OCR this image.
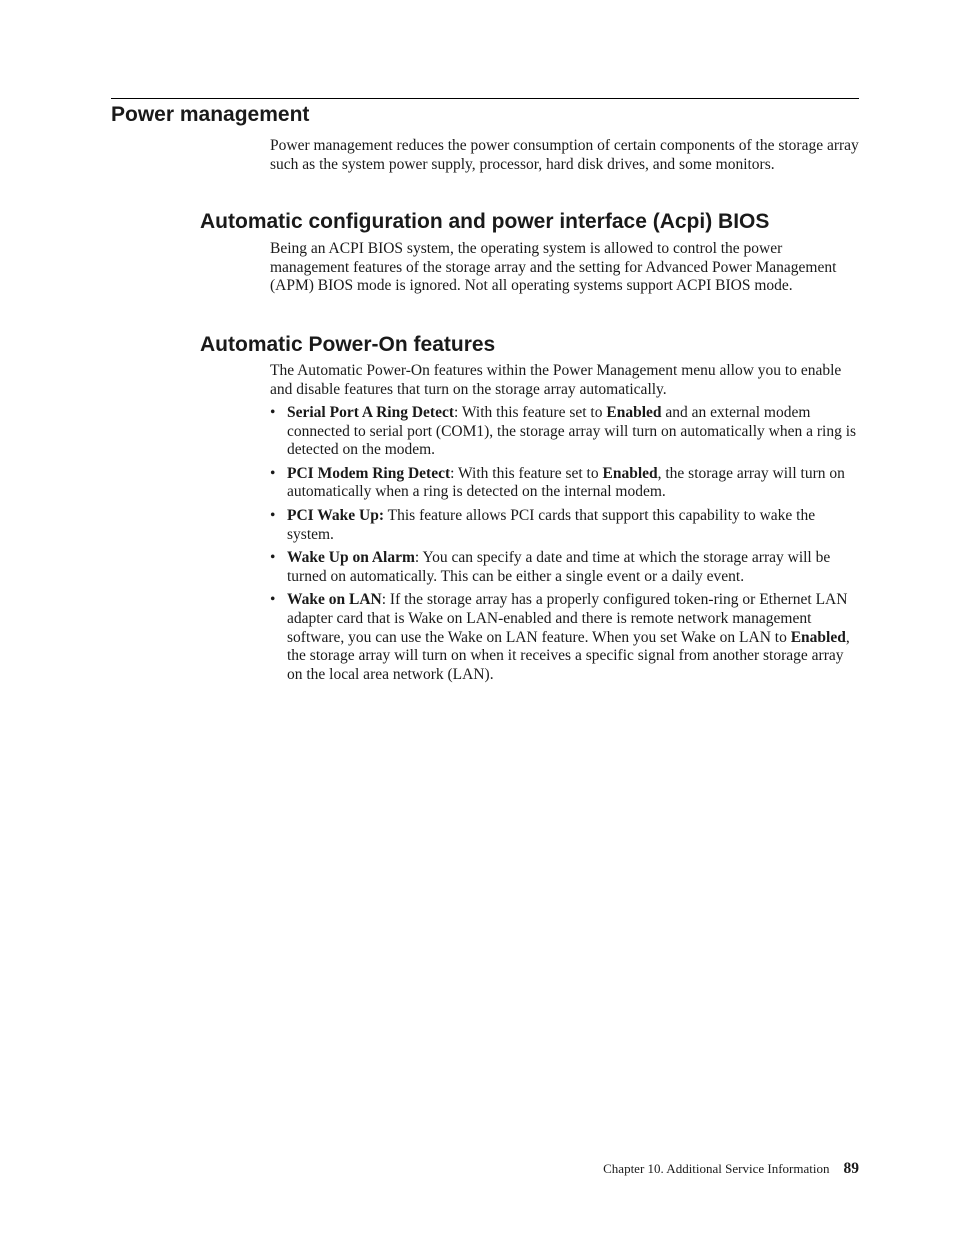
Power management

Power management reduces the power consumption of certain components of the storage array such as the system power supply, processor, hard disk drives, and some monitors.

Automatic configuration and power interface (Acpi) BIOS

Being an ACPI BIOS system, the operating system is allowed to control the power management features of the storage array and the setting for Advanced Power Management (APM) BIOS mode is ignored. Not all operating systems support ACPI BIOS mode.

Automatic Power-On features

The Automatic Power-On features within the Power Management menu allow you to enable and disable features that turn on the storage array automatically.

• Serial Port A Ring Detect: With this feature set to Enabled and an external modem connected to serial port (COM1), the storage array will turn on automatically when a ring is detected on the modem.
• PCI Modem Ring Detect: With this feature set to Enabled, the storage array will turn on automatically when a ring is detected on the internal modem.
• PCI Wake Up: This feature allows PCI cards that support this capability to wake the system.
• Wake Up on Alarm: You can specify a date and time at which the storage array will be turned on automatically. This can be either a single event or a daily event.
• Wake on LAN: If the storage array has a properly configured token-ring or Ethernet LAN adapter card that is Wake on LAN-enabled and there is remote network management software, you can use the Wake on LAN feature. When you set Wake on LAN to Enabled, the storage array will turn on when it receives a specific signal from another storage array on the local area network (LAN).
Chapter 10. Additional Service Information 89
